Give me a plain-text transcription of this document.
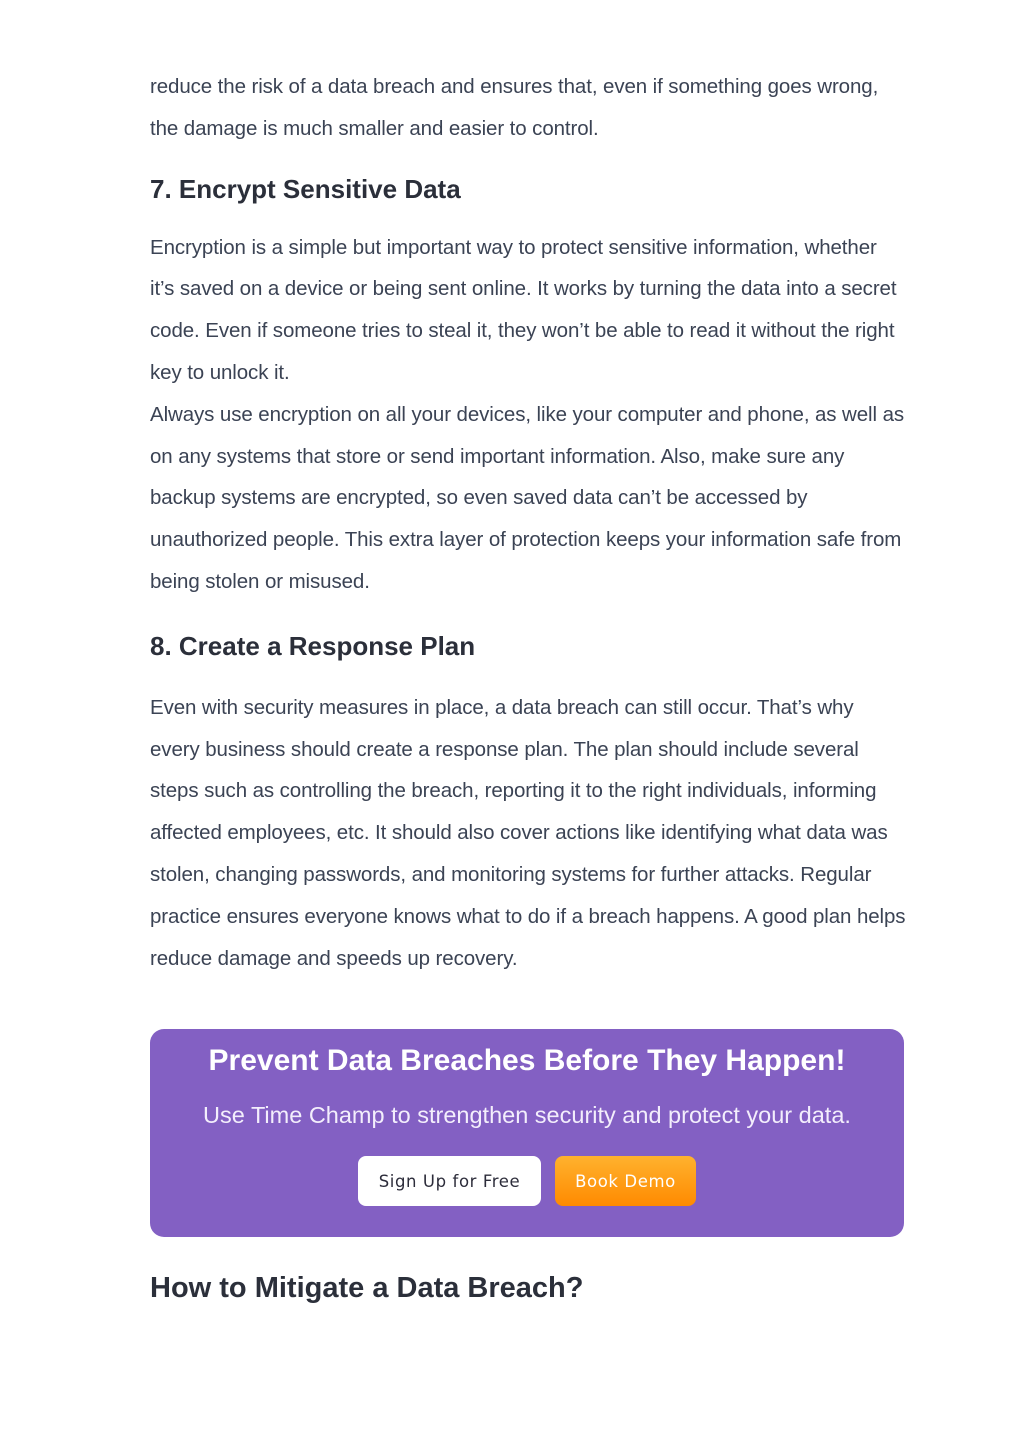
reduce the risk of a data breach and ensures that, even if something goes wrong, the damage is much smaller and easier to control.

7. Encrypt Sensitive Data

Encryption is a simple but important way to protect sensitive information, whether it’s saved on a device or being sent online. It works by turning the data into a secret code. Even if someone tries to steal it, they won’t be able to read it without the right key to unlock it.

Always use encryption on all your devices, like your computer and phone, as well as on any systems that store or send important information. Also, make sure any backup systems are encrypted, so even saved data can’t be accessed by unauthorized people. This extra layer of protection keeps your information safe from being stolen or misused.

8. Create a Response Plan

Even with security measures in place, a data breach can still occur. That’s why every business should create a response plan. The plan should include several steps such as controlling the breach, reporting it to the right individuals, informing affected employees, etc. It should also cover actions like identifying what data was stolen, changing passwords, and monitoring systems for further attacks. Regular practice ensures everyone knows what to do if a breach happens. A good plan helps reduce damage and speeds up recovery.

Prevent Data Breaches Before They Happen!

Use Time Champ to strengthen security and protect your data.

Sign Up for Free	Book Demo
How to Mitigate a Data Breach?
